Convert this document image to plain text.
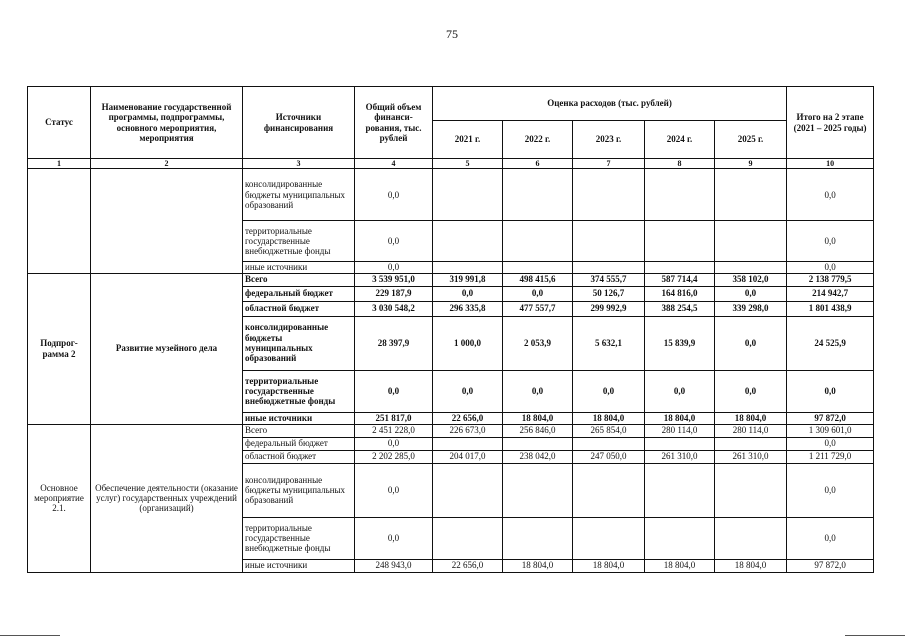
75
Статус	Наименование государственной программы, подпрограммы, основного мероприятия, мероприятия	Источники финансирования	Общий объем финанси-рования, тыс. рублей	Оценка расходов (тыс. рублей)					Итого на 2 этапе (2021 – 2025 годы)
				2021 г.	2022 г.	2023 г.	2024 г.	2025 г.	
1	2	3	4	5	6	7	8	9	10
		консолидированные бюджеты муниципальных образований	0,0						0,0
		территориальные государственные внебюджетные фонды	0,0						0,0
		иные источники	0,0						0,0
Подпрог-рамма 2	Развитие музейного дела	Всего	3 539 951,0	319 991,8	498 415,6	374 555,7	587 714,4	358 102,0	2 138 779,5
		федеральный бюджет	229 187,9	0,0	0,0	50 126,7	164 816,0	0,0	214 942,7
		областной бюджет	3 030 548,2	296 335,8	477 557,7	299 992,9	388 254,5	339 298,0	1 801 438,9
		консолидированные бюджеты муниципальных образований	28 397,9	1 000,0	2 053,9	5 632,1	15 839,9	0,0	24 525,9
		территориальные государственные внебюджетные фонды	0,0	0,0	0,0	0,0	0,0	0,0	0,0
		иные источники	251 817,0	22 656,0	18 804,0	18 804,0	18 804,0	18 804,0	97 872,0
Основное мероприятие 2.1.	Обеспечение деятельности (оказание услуг) государственных учреждений (организаций)	Всего	2 451 228,0	226 673,0	256 846,0	265 854,0	280 114,0	280 114,0	1 309 601,0
		федеральный бюджет	0,0						0,0
		областной бюджет	2 202 285,0	204 017,0	238 042,0	247 050,0	261 310,0	261 310,0	1 211 729,0
		консолидированные бюджеты муниципальных образований	0,0						0,0
		территориальные государственные внебюджетные фонды	0,0						0,0
		иные источники	248 943,0	22 656,0	18 804,0	18 804,0	18 804,0	18 804,0	97 872,0
